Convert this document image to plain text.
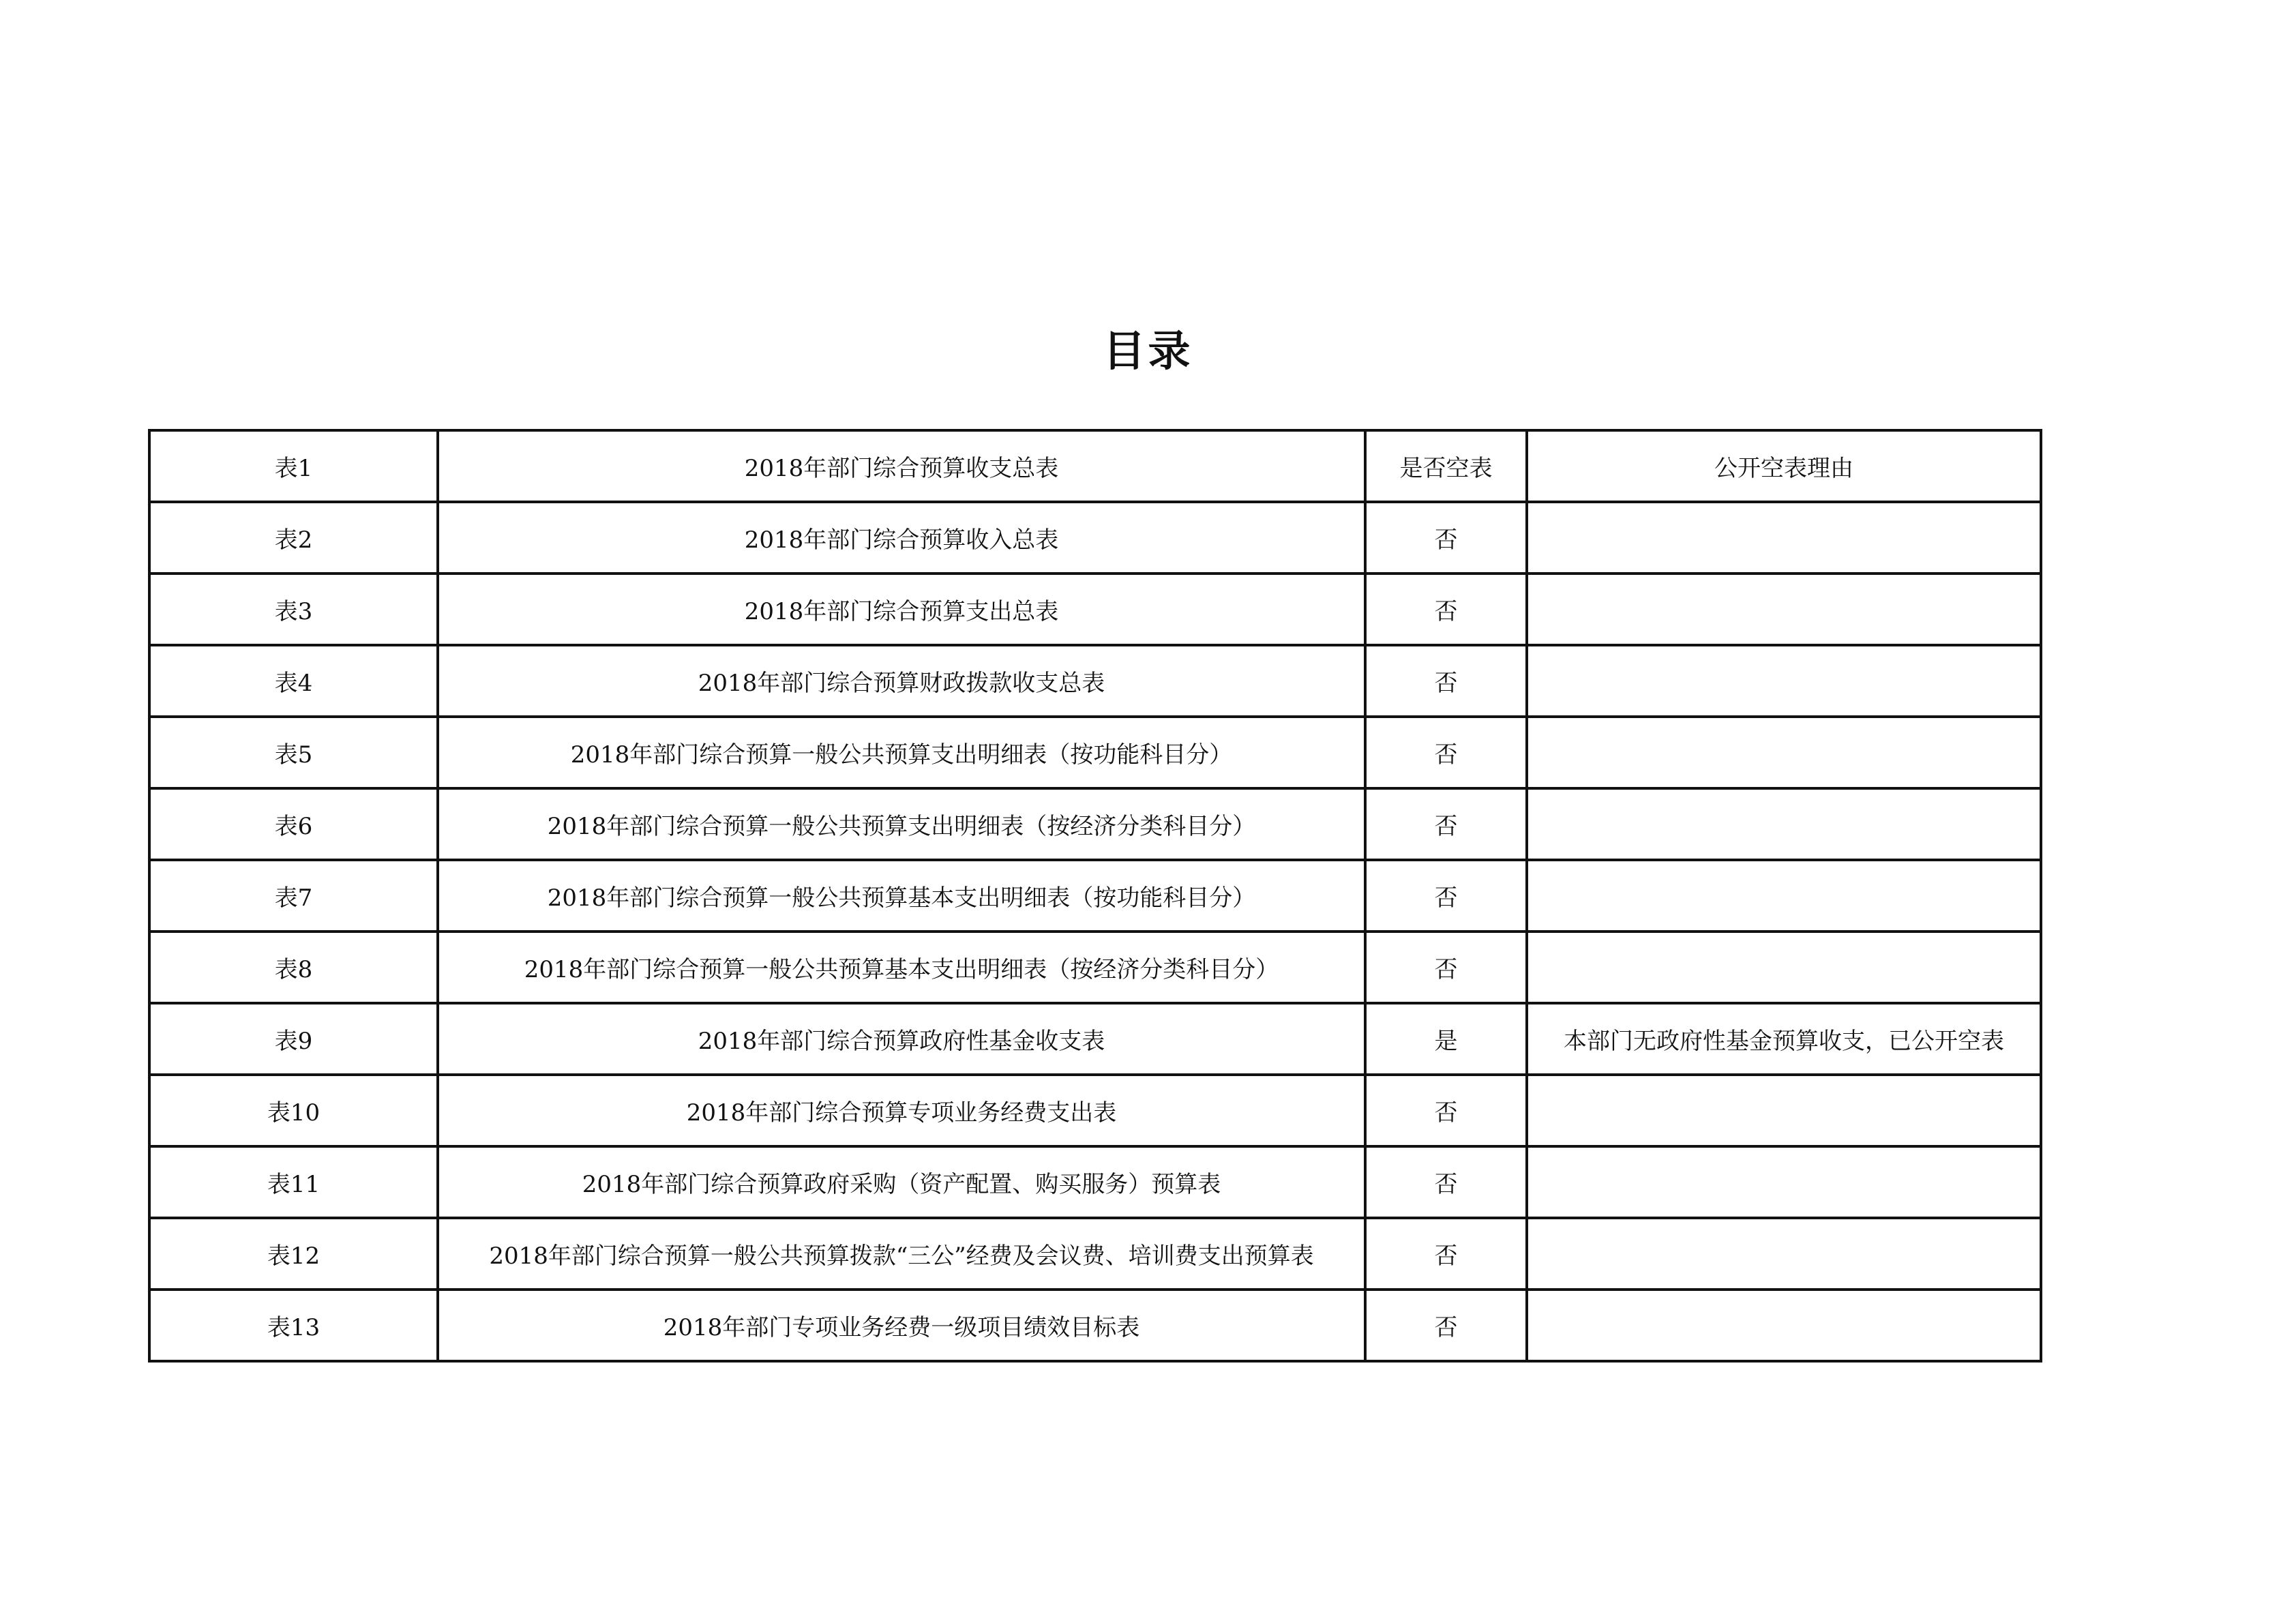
目录
表1	2018年部门综合预算收支总表	是否空表	公开空表理由
表2	2018年部门综合预算收入总表	否	
表3	2018年部门综合预算支出总表	否	
表4	2018年部门综合预算财政拨款收支总表	否	
表5	2018年部门综合预算一般公共预算支出明细表（按功能科目分）	否	
表6	2018年部门综合预算一般公共预算支出明细表（按经济分类科目分）	否	
表7	2018年部门综合预算一般公共预算基本支出明细表（按功能科目分）	否	
表8	2018年部门综合预算一般公共预算基本支出明细表（按经济分类科目分）	否	
表9	2018年部门综合预算政府性基金收支表	是	本部门无政府性基金预算收支，已公开空表
表10	2018年部门综合预算专项业务经费支出表	否	
表11	2018年部门综合预算政府采购（资产配置、购买服务）预算表	否	
表12	2018年部门综合预算一般公共预算拨款“三公”经费及会议费、培训费支出预算表	否	
表13	2018年部门专项业务经费一级项目绩效目标表	否	
